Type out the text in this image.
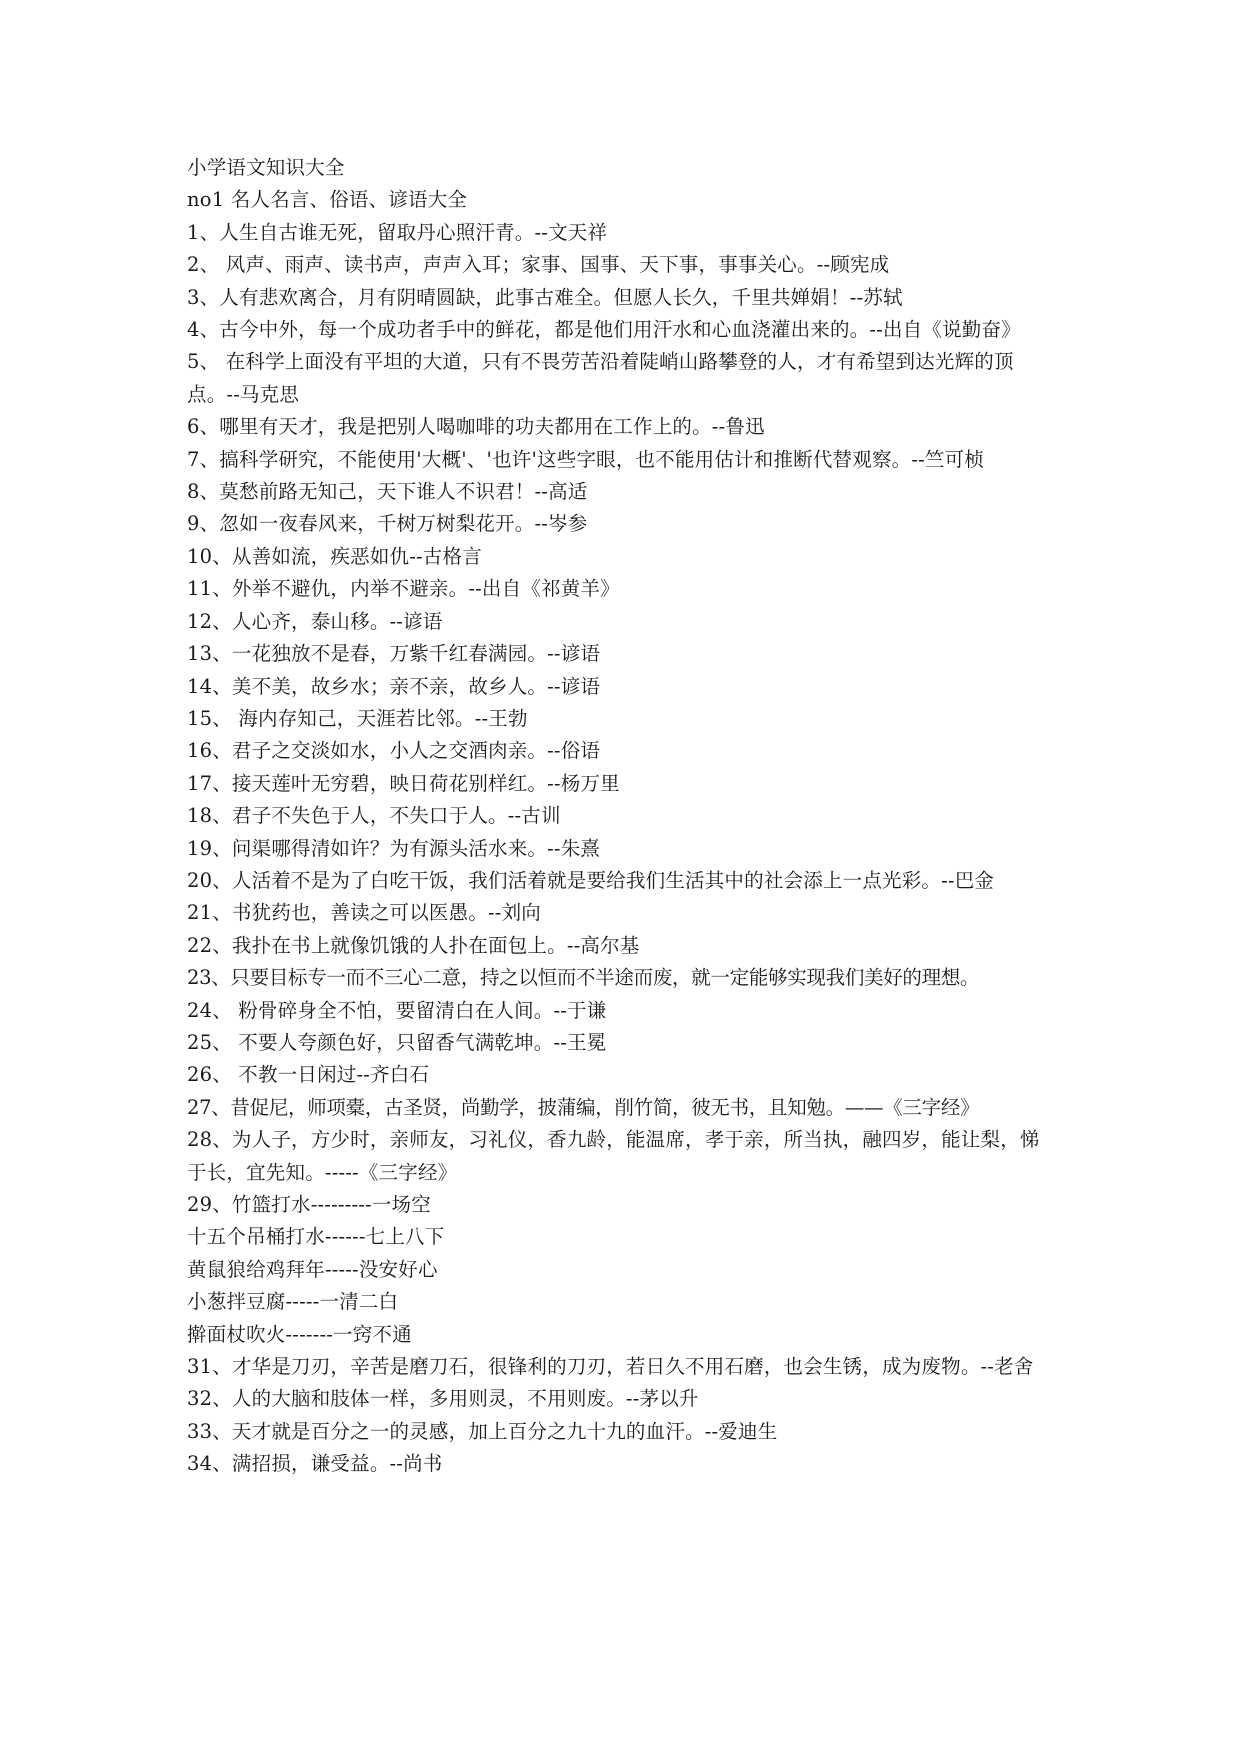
小学语文知识大全
no1 名人名言、俗语、谚语大全
1、人生自古谁无死，留取丹心照汗青。--文天祥
2、 风声、雨声、读书声，声声入耳；家事、国事、天下事，事事关心。--顾宪成
3、人有悲欢离合，月有阴晴圆缺，此事古难全。但愿人长久，千里共婵娟！--苏轼
4、古今中外，每一个成功者手中的鲜花，都是他们用汗水和心血浇灌出来的。--出自《说勤奋》
5、 在科学上面没有平坦的大道，只有不畏劳苦沿着陡峭山路攀登的人，才有希望到达光辉的顶点。--马克思
6、哪里有天才，我是把别人喝咖啡的功夫都用在工作上的。--鲁迅
7、搞科学研究，不能使用'大概'、'也许'这些字眼，也不能用估计和推断代替观察。--竺可桢
8、莫愁前路无知己，天下谁人不识君！--高适
9、忽如一夜春风来，千树万树梨花开。--岑参
10、从善如流，疾恶如仇--古格言
11、外举不避仇，内举不避亲。--出自《祁黄羊》
12、人心齐，泰山移。--谚语
13、一花独放不是春，万紫千红春满园。--谚语
14、美不美，故乡水；亲不亲，故乡人。--谚语
15、 海内存知己，天涯若比邻。--王勃
16、君子之交淡如水，小人之交酒肉亲。--俗语
17、接天莲叶无穷碧，映日荷花别样红。--杨万里
18、君子不失色于人，不失口于人。--古训
19、问渠哪得清如许？为有源头活水来。--朱熹
20、人活着不是为了白吃干饭，我们活着就是要给我们生活其中的社会添上一点光彩。--巴金
21、书犹药也，善读之可以医愚。--刘向
22、我扑在书上就像饥饿的人扑在面包上。--高尔基
23、只要目标专一而不三心二意，持之以恒而不半途而废，就一定能够实现我们美好的理想。
24、 粉骨碎身全不怕，要留清白在人间。--于谦
25、 不要人夸颜色好，只留香气满乾坤。--王冕
26、 不教一日闲过--齐白石
27、昔促尼，师项橐，古圣贤，尚勤学，披蒲编，削竹简，彼无书，且知勉。——《三字经》
28、为人子，方少时，亲师友，习礼仪，香九龄，能温席，孝于亲，所当执，融四岁，能让梨，悌于长，宜先知。-----《三字经》
29、竹篮打水---------一场空
十五个吊桶打水------七上八下
黄鼠狼给鸡拜年-----没安好心
小葱拌豆腐-----一清二白
擀面杖吹火-------一窍不通
31、才华是刀刃，辛苦是磨刀石，很锋利的刀刃，若日久不用石磨，也会生锈，成为废物。--老舍
32、人的大脑和肢体一样，多用则灵，不用则废。--茅以升
33、天才就是百分之一的灵感，加上百分之九十九的血汗。--爱迪生
34、满招损，谦受益。--尚书
